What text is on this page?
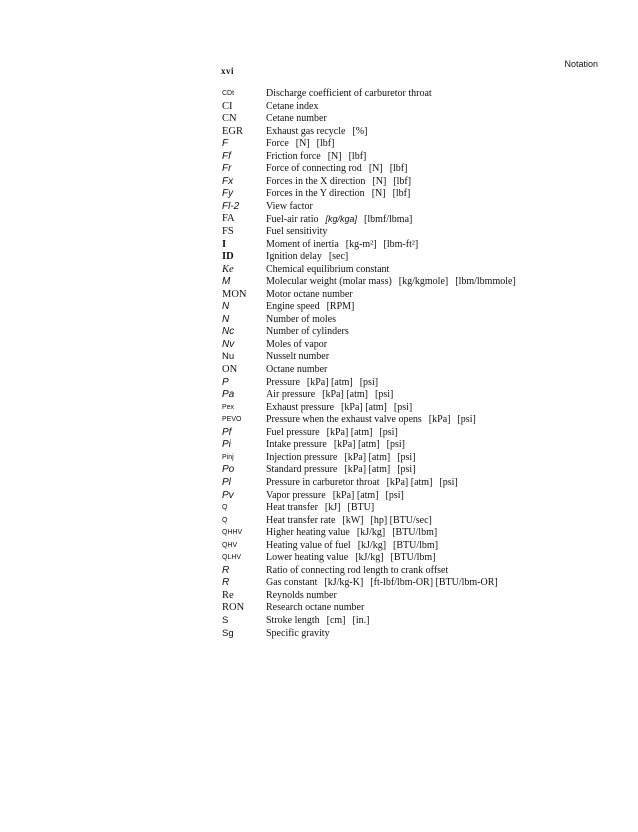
Notation
xvi
CDt	Discharge coefficient of carburetor throat
CI	Cetane index
CN	Cetane number
EGR	Exhaust gas recycle [%]
F	Force [N] [lbf]
Ff	Friction force [N] [lbf]
Fr	Force of connecting rod [N] [lbf]
Fx	Forces in the X direction [N] [lbf]
Fy	Forces in the Y direction [N] [lbf]
Fl-2	View factor
FA	Fuel-air ratio [kg/kga] [lbmf/lbma]
FS	Fuel sensitivity
I	Moment of inertia [kg-m²] [lbm-ft²]
ID	Ignition delay [sec]
Ke	Chemical equilibrium constant
M	Molecular weight (molar mass) [kg/kgmole] [lbm/lbmmole]
MON	Motor octane number
N	Engine speed [RPM]
N	Number of moles
Nc	Number of cylinders
Nv	Moles of vapor
Nu	Nusselt number
ON	Octane number
P	Pressure [kPa] [atm] [psi]
Pa	Air pressure [kPa] [atm] [psi]
Pex	Exhaust pressure [kPa] [atm] [psi]
PEVO	Pressure when the exhaust valve opens [kPa] [psi]
Pf	Fuel pressure [kPa] [atm] [psi]
Pi	Intake pressure [kPa] [atm] [psi]
Pinj	Injection pressure [kPa] [atm] [psi]
Po	Standard pressure [kPa] [atm] [psi]
Pl	Pressure in carburetor throat [kPa] [atm] [psi]
Pv	Vapor pressure [kPa] [atm] [psi]
Q	Heat transfer [kJ] [BTU]
Q	Heat transfer rate [kW] [hp] [BTU/sec]
QHHV	Higher heating value [kJ/kg] [BTU/lbm]
QHV	Heating value of fuel [kJ/kg] [BTU/lbm]
QLHV	Lower heating value [kJ/kg] [BTU/lbm]
R	Ratio of connecting rod length to crank offset
R	Gas constant [kJ/kg-K] [ft-lbf/lbm-OR] [BTU/lbm-OR]
Re	Reynolds number
RON	Research octane number
S	Stroke length [cm] [in.]
Sg	Specific gravity
